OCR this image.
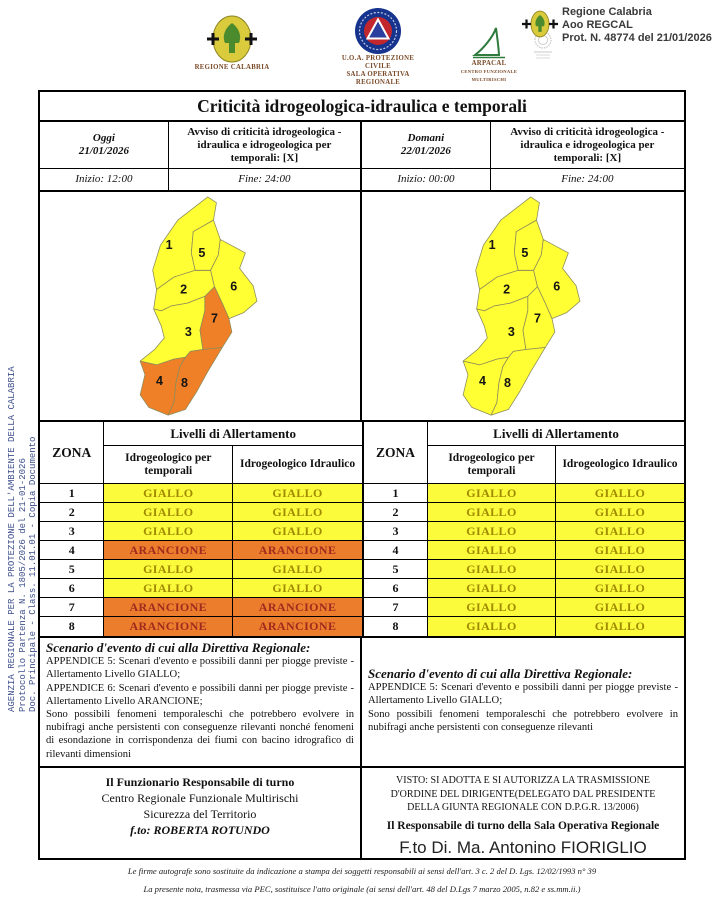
AGENZIA REGIONALE PER LA PROTEZIONE DELL'AMBIENTE DELLA CALABRIA Protocollo Partenza N. 1805/2026 del 21-01-2026 Doc. Principale - Class. 11.01.01 - Copia Documento
REGIONE CALABRIA
U.O.A. PROTEZIONE CIVILE
SALA OPERATIVA REGIONALE
ARPACAL
CENTRO FUNZIONALE MULTIRISCHI
Regione Calabria
Aoo REGCAL
Prot. N. 48774 del 21/01/2026
Criticità idrogeologica-idraulica e temporali
Oggi
21/01/2026
Avviso di criticità idrogeologica - idraulica e idrogeologica per temporali: [X]
Domani
22/01/2026
Avviso di criticità idrogeologica - idraulica e idrogeologica per temporali: [X]
Inizio: 12:00	Fine: 24:00	Inizio: 00:00	Fine: 24:00
1
2
3
4
5
6
7
8
1
2
3
4
5
6
7
8
ZONA
Livelli di Allertamento
Idrogeologico per temporali
Idrogeologico Idraulico
1	GIALLO	GIALLO
2	GIALLO	GIALLO
3	GIALLO	GIALLO
4	ARANCIONE	ARANCIONE
5	GIALLO	GIALLO
6	GIALLO	GIALLO
7	ARANCIONE	ARANCIONE
8	ARANCIONE	ARANCIONE
ZONA
Livelli di Allertamento
Idrogeologico per temporali
Idrogeologico Idraulico
1	GIALLO	GIALLO
2	GIALLO	GIALLO
3	GIALLO	GIALLO
4	GIALLO	GIALLO
5	GIALLO	GIALLO
6	GIALLO	GIALLO
7	GIALLO	GIALLO
8	GIALLO	GIALLO
Scenario d'evento di cui alla Direttiva Regionale:
APPENDICE 5: Scenari d'evento e possibili danni per piogge previste - Allertamento Livello GIALLO;
APPENDICE 6: Scenari d'evento e possibili danni per piogge previste - Allertamento Livello ARANCIONE;
Sono possibili fenomeni temporaleschi che potrebbero evolvere in nubifragi anche persistenti con conseguenze rilevanti nonché fenomeni di esondazione in corrispondenza dei fiumi con bacino idrografico di rilevanti dimensioni
Scenario d'evento di cui alla Direttiva Regionale:
APPENDICE 5: Scenari d'evento e possibili danni per piogge previste - Allertamento Livello GIALLO;
Sono possibili fenomeni temporaleschi che potrebbero evolvere in nubifragi anche persistenti con conseguenze rilevanti
Il Funzionario Responsabile di turno
Centro Regionale Funzionale Multirischi
Sicurezza del Territorio
f.to: ROBERTA ROTUNDO
VISTO: SI ADOTTA E SI AUTORIZZA LA TRASMISSIONE D'ORDINE DEL DIRIGENTE(DELEGATO DAL PRESIDENTE DELLA GIUNTA REGIONALE CON D.P.G.R. 13/2006)
Il Responsabile di turno della Sala Operativa Regionale
F.to Di. Ma. Antonino FIORIGLIO
Le firme autografe sono sostituite da indicazione a stampa dei soggetti responsabili ai sensi dell'art. 3 c. 2 del D. Lgs. 12/02/1993 n° 39
La presente nota, trasmessa via PEC, sostituisce l'atto originale (ai sensi dell'art. 48 del D.Lgs 7 marzo 2005, n.82 e ss.mm.ii.)
